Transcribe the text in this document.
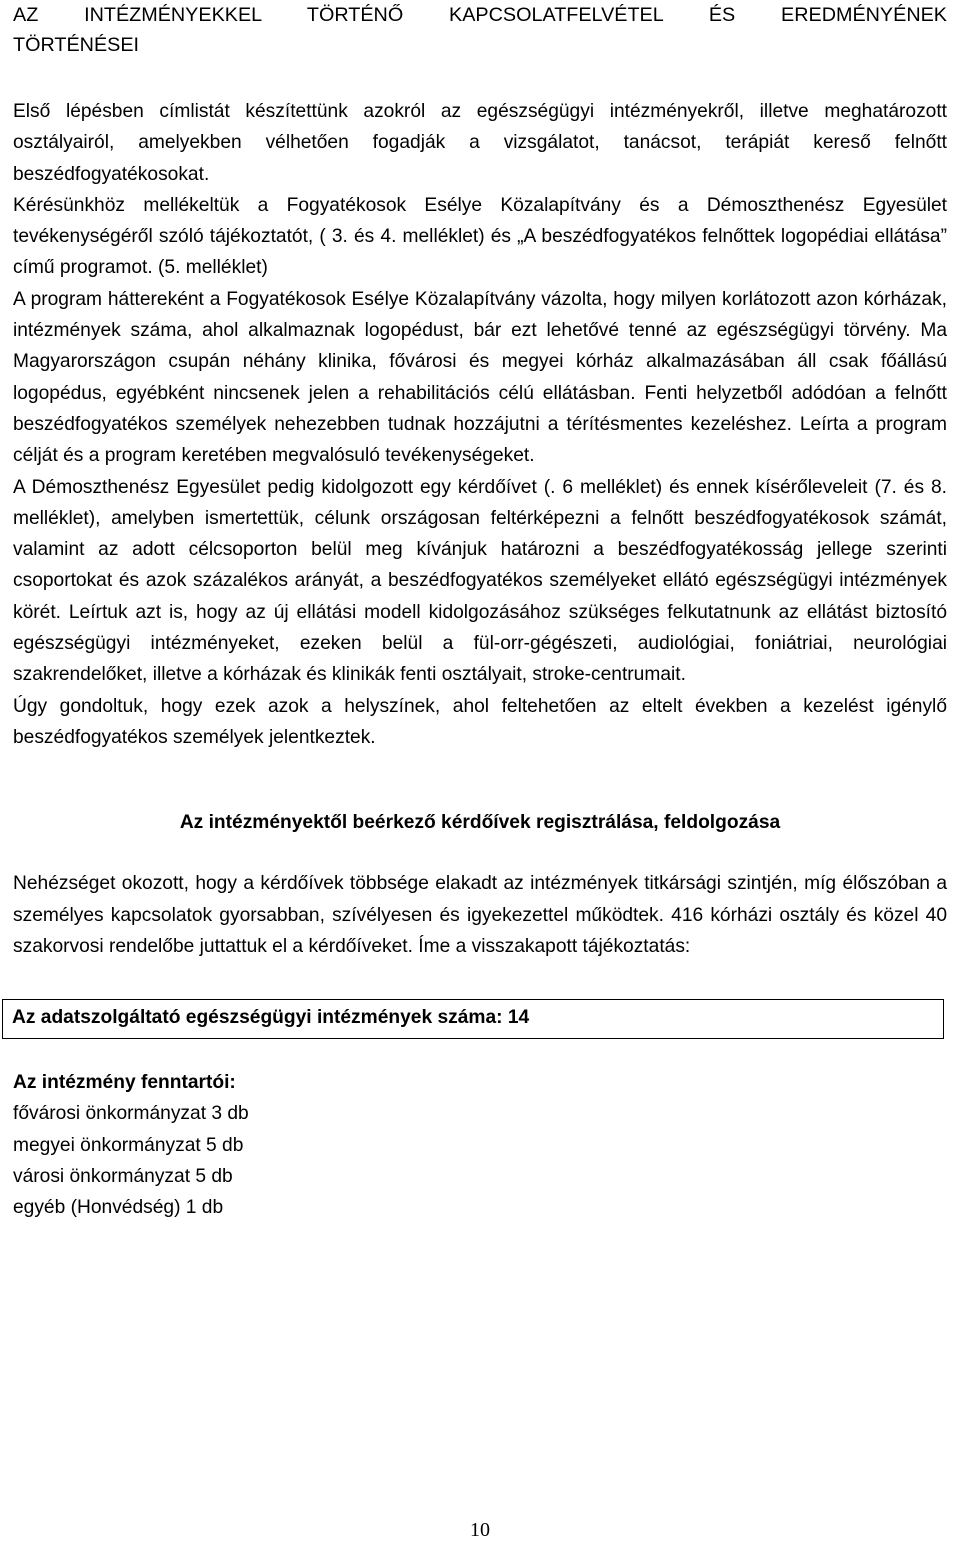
AZ INTÉZMÉNYEKKEL TÖRTÉNŐ KAPCSOLATFELVÉTEL ÉS EREDMÉNYÉNEK
TÖRTÉNÉSEI

Első lépésben címlistát készítettünk azokról az egészségügyi intézményekről, illetve meghatározott osztályairól, amelyekben vélhetően fogadják a vizsgálatot, tanácsot, terápiát kereső felnőtt beszédfogyatékosokat.

Kérésünkhöz mellékeltük a Fogyatékosok Esélye Közalapítvány és a Démoszthenész Egyesület tevékenységéről szóló tájékoztatót, ( 3. és 4. melléklet) és „A beszédfogyatékos felnőttek logopédiai ellátása” című programot. (5. melléklet)

A program háttereként a Fogyatékosok Esélye Közalapítvány vázolta, hogy milyen korlátozott azon kórházak, intézmények száma, ahol alkalmaznak logopédust, bár ezt lehetővé tenné az egészségügyi törvény. Ma Magyarországon csupán néhány klinika, fővárosi és megyei kórház alkalmazásában áll csak főállású logopédus, egyébként nincsenek jelen a rehabilitációs célú ellátásban. Fenti helyzetből adódóan a felnőtt beszédfogyatékos személyek nehezebben tudnak hozzájutni a térítésmentes kezeléshez. Leírta a program célját és a program keretében megvalósuló tevékenységeket.

A Démoszthenész Egyesület pedig kidolgozott egy kérdőívet (. 6 melléklet) és ennek kísérőleveleit (7. és 8. melléklet), amelyben ismertettük, célunk országosan feltérképezni a felnőtt beszédfogyatékosok számát, valamint az adott célcsoporton belül meg kívánjuk határozni a beszédfogyatékosság jellege szerinti csoportokat és azok százalékos arányát, a beszédfogyatékos személyeket ellátó egészségügyi intézmények körét. Leírtuk azt is, hogy az új ellátási modell kidolgozásához szükséges felkutatnunk az ellátást biztosító egészségügyi intézményeket, ezeken belül a fül-orr-gégészeti, audiológiai, foniátriai, neurológiai szakrendelőket, illetve a kórházak és klinikák fenti osztályait, stroke-centrumait.

Úgy gondoltuk, hogy ezek azok a helyszínek, ahol feltehetően az eltelt években a kezelést igénylő beszédfogyatékos személyek jelentkeztek.

Az intézményektől beérkező kérdőívek regisztrálása, feldolgozása

Nehézséget okozott, hogy a kérdőívek többsége elakadt az intézmények titkársági szintjén, míg élőszóban a személyes kapcsolatok gyorsabban, szívélyesen és igyekezettel működtek. 416 kórházi osztály és közel 40 szakorvosi rendelőbe juttattuk el a kérdőíveket. Íme a visszakapott tájékoztatás:

Az adatszolgáltató egészségügyi intézmények száma: 14
Az intézmény fenntartói:
fővárosi önkormányzat 3 db
megyei önkormányzat 5 db
városi önkormányzat 5 db
egyéb (Honvédség) 1 db
10
